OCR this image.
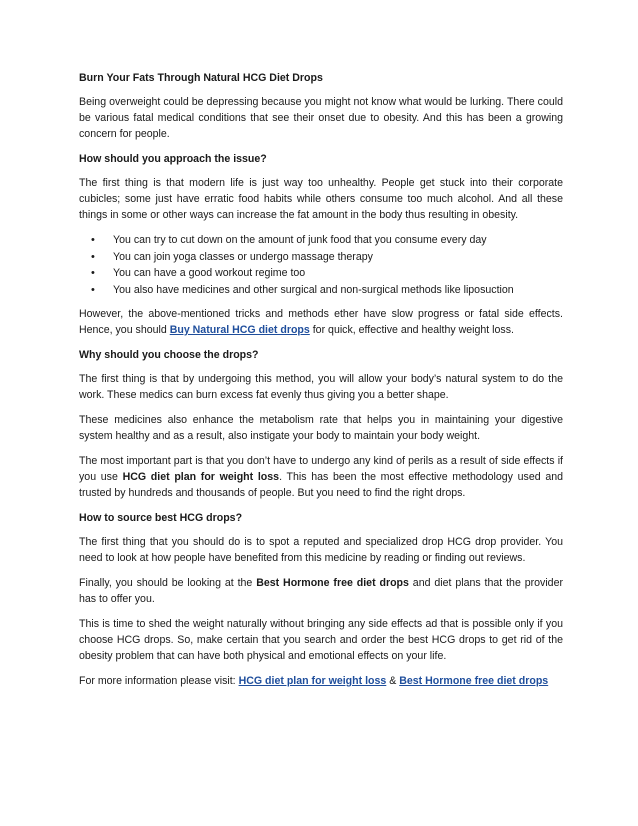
Burn Your Fats Through Natural HCG Diet Drops
Being overweight could be depressing because you might not know what would be lurking. There could be various fatal medical conditions that see their onset due to obesity. And this has been a growing concern for people.
How should you approach the issue?
The first thing is that modern life is just way too unhealthy. People get stuck into their corporate cubicles; some just have erratic food habits while others consume too much alcohol. And all these things in some or other ways can increase the fat amount in the body thus resulting in obesity.
• You can try to cut down on the amount of junk food that you consume every day
• You can join yoga classes or undergo massage therapy
• You can have a good workout regime too
• You also have medicines and other surgical and non-surgical methods like liposuction
However, the above-mentioned tricks and methods ether have slow progress or fatal side effects. Hence, you should Buy Natural HCG diet drops for quick, effective and healthy weight loss.
Why should you choose the drops?
The first thing is that by undergoing this method, you will allow your body’s natural system to do the work. These medics can burn excess fat evenly thus giving you a better shape.
These medicines also enhance the metabolism rate that helps you in maintaining your digestive system healthy and as a result, also instigate your body to maintain your body weight.
The most important part is that you don’t have to undergo any kind of perils as a result of side effects if you use HCG diet plan for weight loss. This has been the most effective methodology used and trusted by hundreds and thousands of people. But you need to find the right drops.
How to source best HCG drops?
The first thing that you should do is to spot a reputed and specialized drop HCG drop provider. You need to look at how people have benefited from this medicine by reading or finding out reviews.
Finally, you should be looking at the Best Hormone free diet drops and diet plans that the provider has to offer you.
This is time to shed the weight naturally without bringing any side effects ad that is possible only if you choose HCG drops. So, make certain that you search and order the best HCG drops to get rid of the obesity problem that can have both physical and emotional effects on your life.
For more information please visit: HCG diet plan for weight loss & Best Hormone free diet drops
